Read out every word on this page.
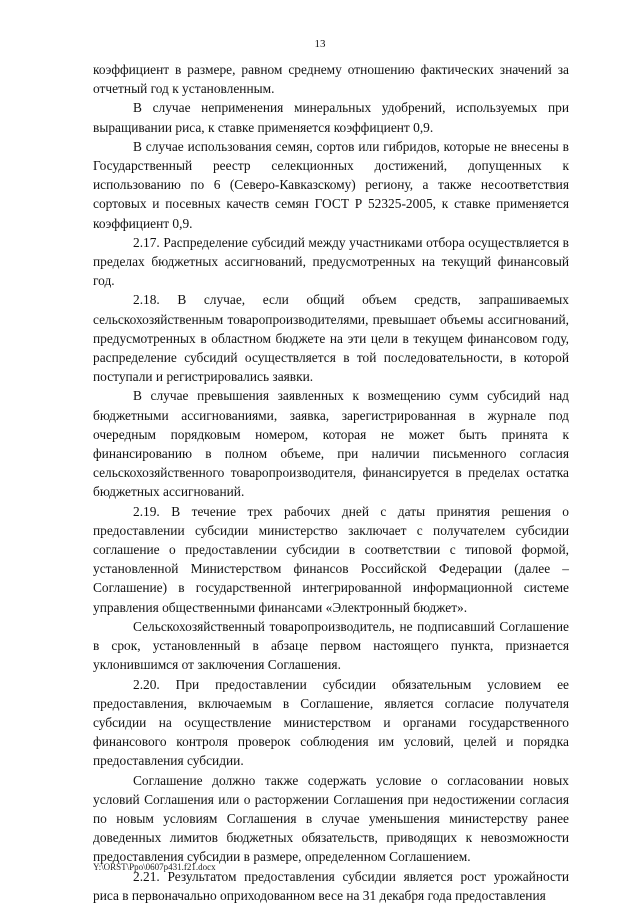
13

коэффициент в размере, равном среднему отношению фактических значений за отчетный год к установленным.

В случае неприменения минеральных удобрений, используемых при выращивании риса, к ставке применяется коэффициент 0,9.

В случае использования семян, сортов или гибридов, которые не внесены в Государственный реестр селекционных достижений, допущенных к использованию по 6 (Северо-Кавказскому) региону, а также несоответствия сортовых и посевных качеств семян ГОСТ Р 52325-2005, к ставке применяется коэффициент 0,9.

2.17. Распределение субсидий между участниками отбора осуществляется в пределах бюджетных ассигнований, предусмотренных на текущий финансовый год.

2.18. В случае, если общий объем средств, запрашиваемых сельскохозяйственным товаропроизводителями, превышает объемы ассигнований, предусмотренных в областном бюджете на эти цели в текущем финансовом году, распределение субсидий осуществляется в той последовательности, в которой поступали и регистрировались заявки.

В случае превышения заявленных к возмещению сумм субсидий над бюджетными ассигнованиями, заявка, зарегистрированная в журнале под очередным порядковым номером, которая не может быть принята к финансированию в полном объеме, при наличии письменного согласия сельскохозяйственного товаропроизводителя, финансируется в пределах остатка бюджетных ассигнований.

2.19. В течение трех рабочих дней с даты принятия решения о предоставлении субсидии министерство заключает с получателем субсидии соглашение о предоставлении субсидии в соответствии с типовой формой, установленной Министерством финансов Российской Федерации (далее – Соглашение) в государственной интегрированной информационной системе управления общественными финансами «Электронный бюджет».

Сельскохозяйственный товаропроизводитель, не подписавший Соглашение в срок, установленный в абзаце первом настоящего пункта, признается уклонившимся от заключения Соглашения.

2.20. При предоставлении субсидии обязательным условием ее предоставления, включаемым в Соглашение, является согласие получателя субсидии на осуществление министерством и органами государственного финансового контроля проверок соблюдения им условий, целей и порядка предоставления субсидии.

Соглашение должно также содержать условие о согласовании новых условий Соглашения или о расторжении Соглашения при недостижении согласия по новым условиям Соглашения в случае уменьшения министерству ранее доведенных лимитов бюджетных обязательств, приводящих к невозможности предоставления субсидии в размере, определенном Соглашением.

2.21. Результатом предоставления субсидии является рост урожайности риса в первоначально оприходованном весе на 31 декабря года предоставления

Y:\ORST\Ppo\0607p431.f21.docx
